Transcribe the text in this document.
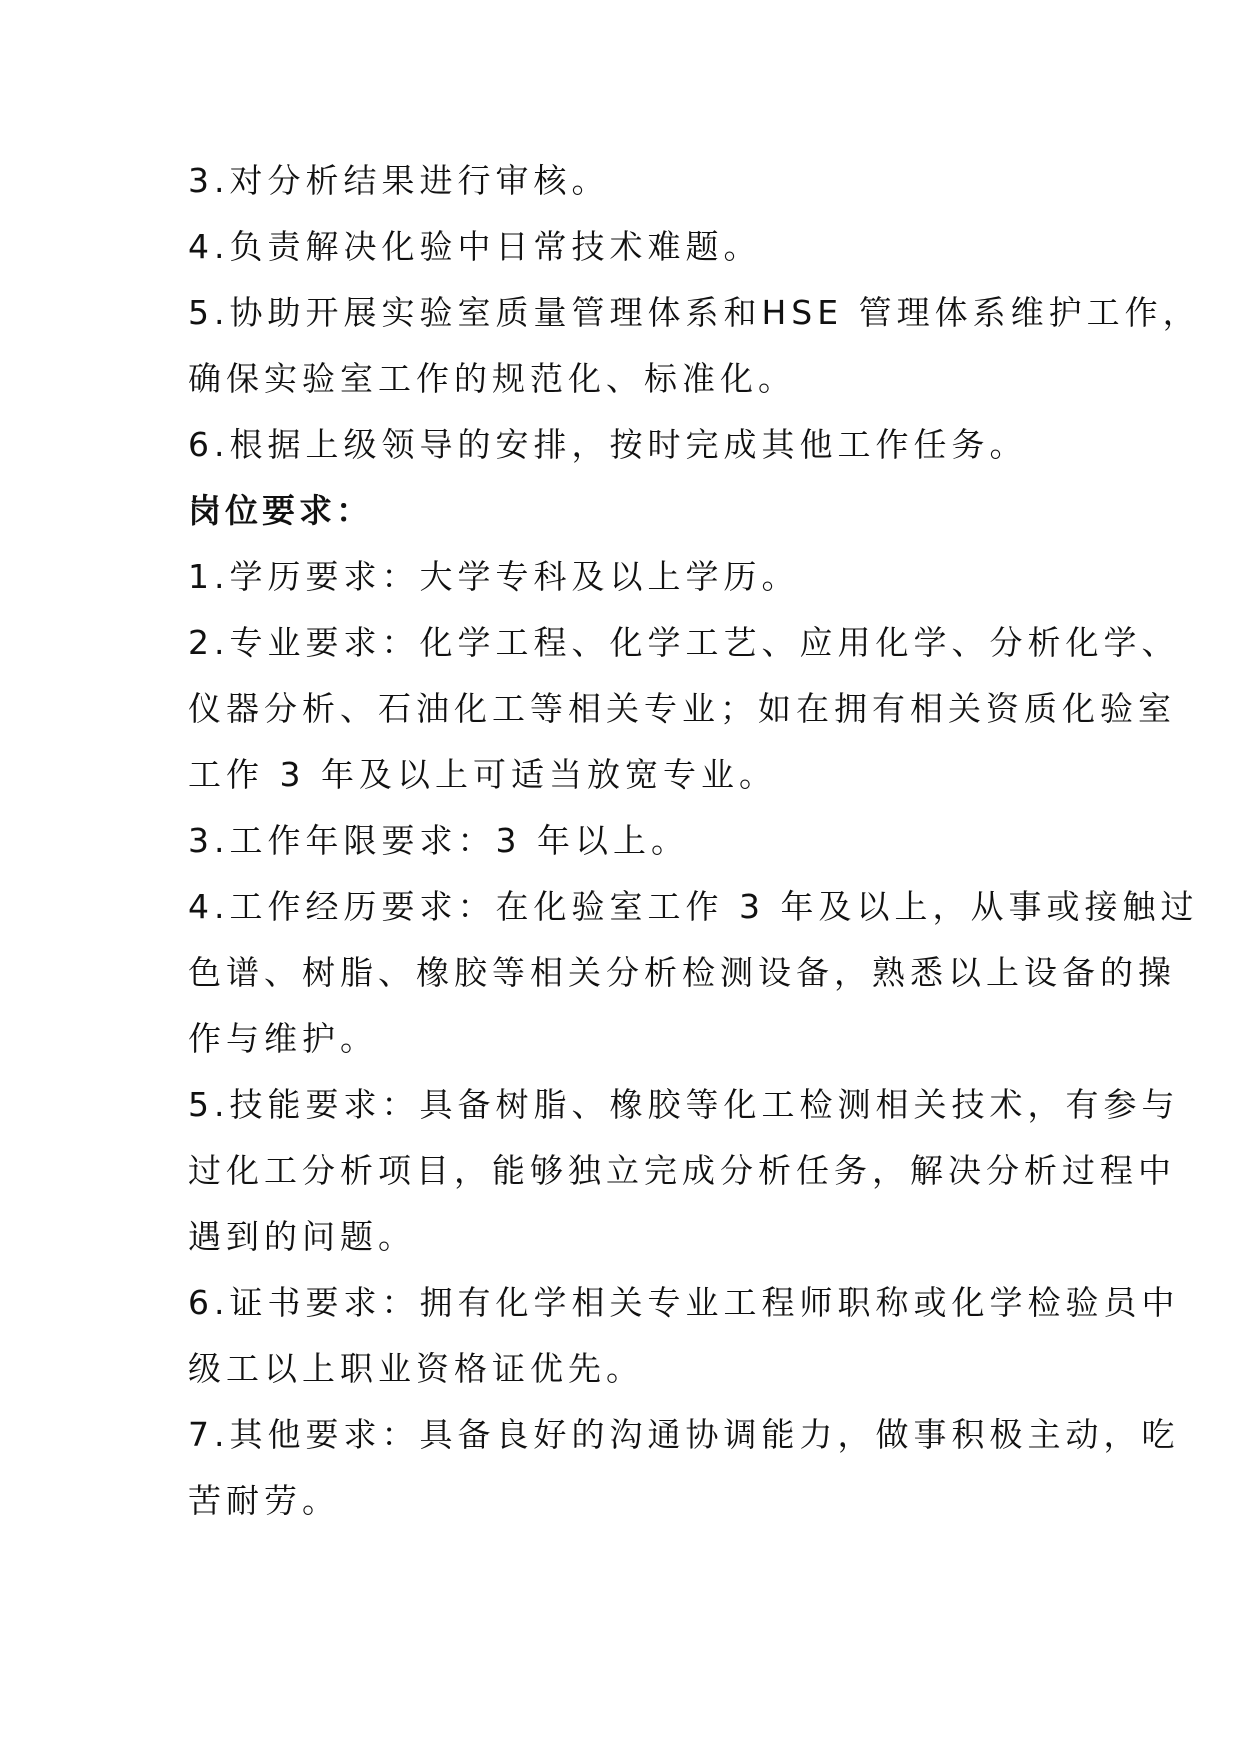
3.对分析结果进行审核。

4.负责解决化验中日常技术难题。

5.协助开展实验室质量管理体系和HSE 管理体系维护工作，

确保实验室工作的规范化、标准化。

6.根据上级领导的安排，按时完成其他工作任务。

岗位要求：

1.学历要求：大学专科及以上学历。

2.专业要求：化学工程、化学工艺、应用化学、分析化学、

仪器分析、石油化工等相关专业；如在拥有相关资质化验室

工作 3 年及以上可适当放宽专业。

3.工作年限要求：3 年以上。

4.工作经历要求：在化验室工作 3 年及以上，从事或接触过

色谱、树脂、橡胶等相关分析检测设备，熟悉以上设备的操

作与维护。

5.技能要求：具备树脂、橡胶等化工检测相关技术，有参与

过化工分析项目，能够独立完成分析任务，解决分析过程中

遇到的问题。

6.证书要求：拥有化学相关专业工程师职称或化学检验员中

级工以上职业资格证优先。

7.其他要求：具备良好的沟通协调能力，做事积极主动，吃

苦耐劳。
